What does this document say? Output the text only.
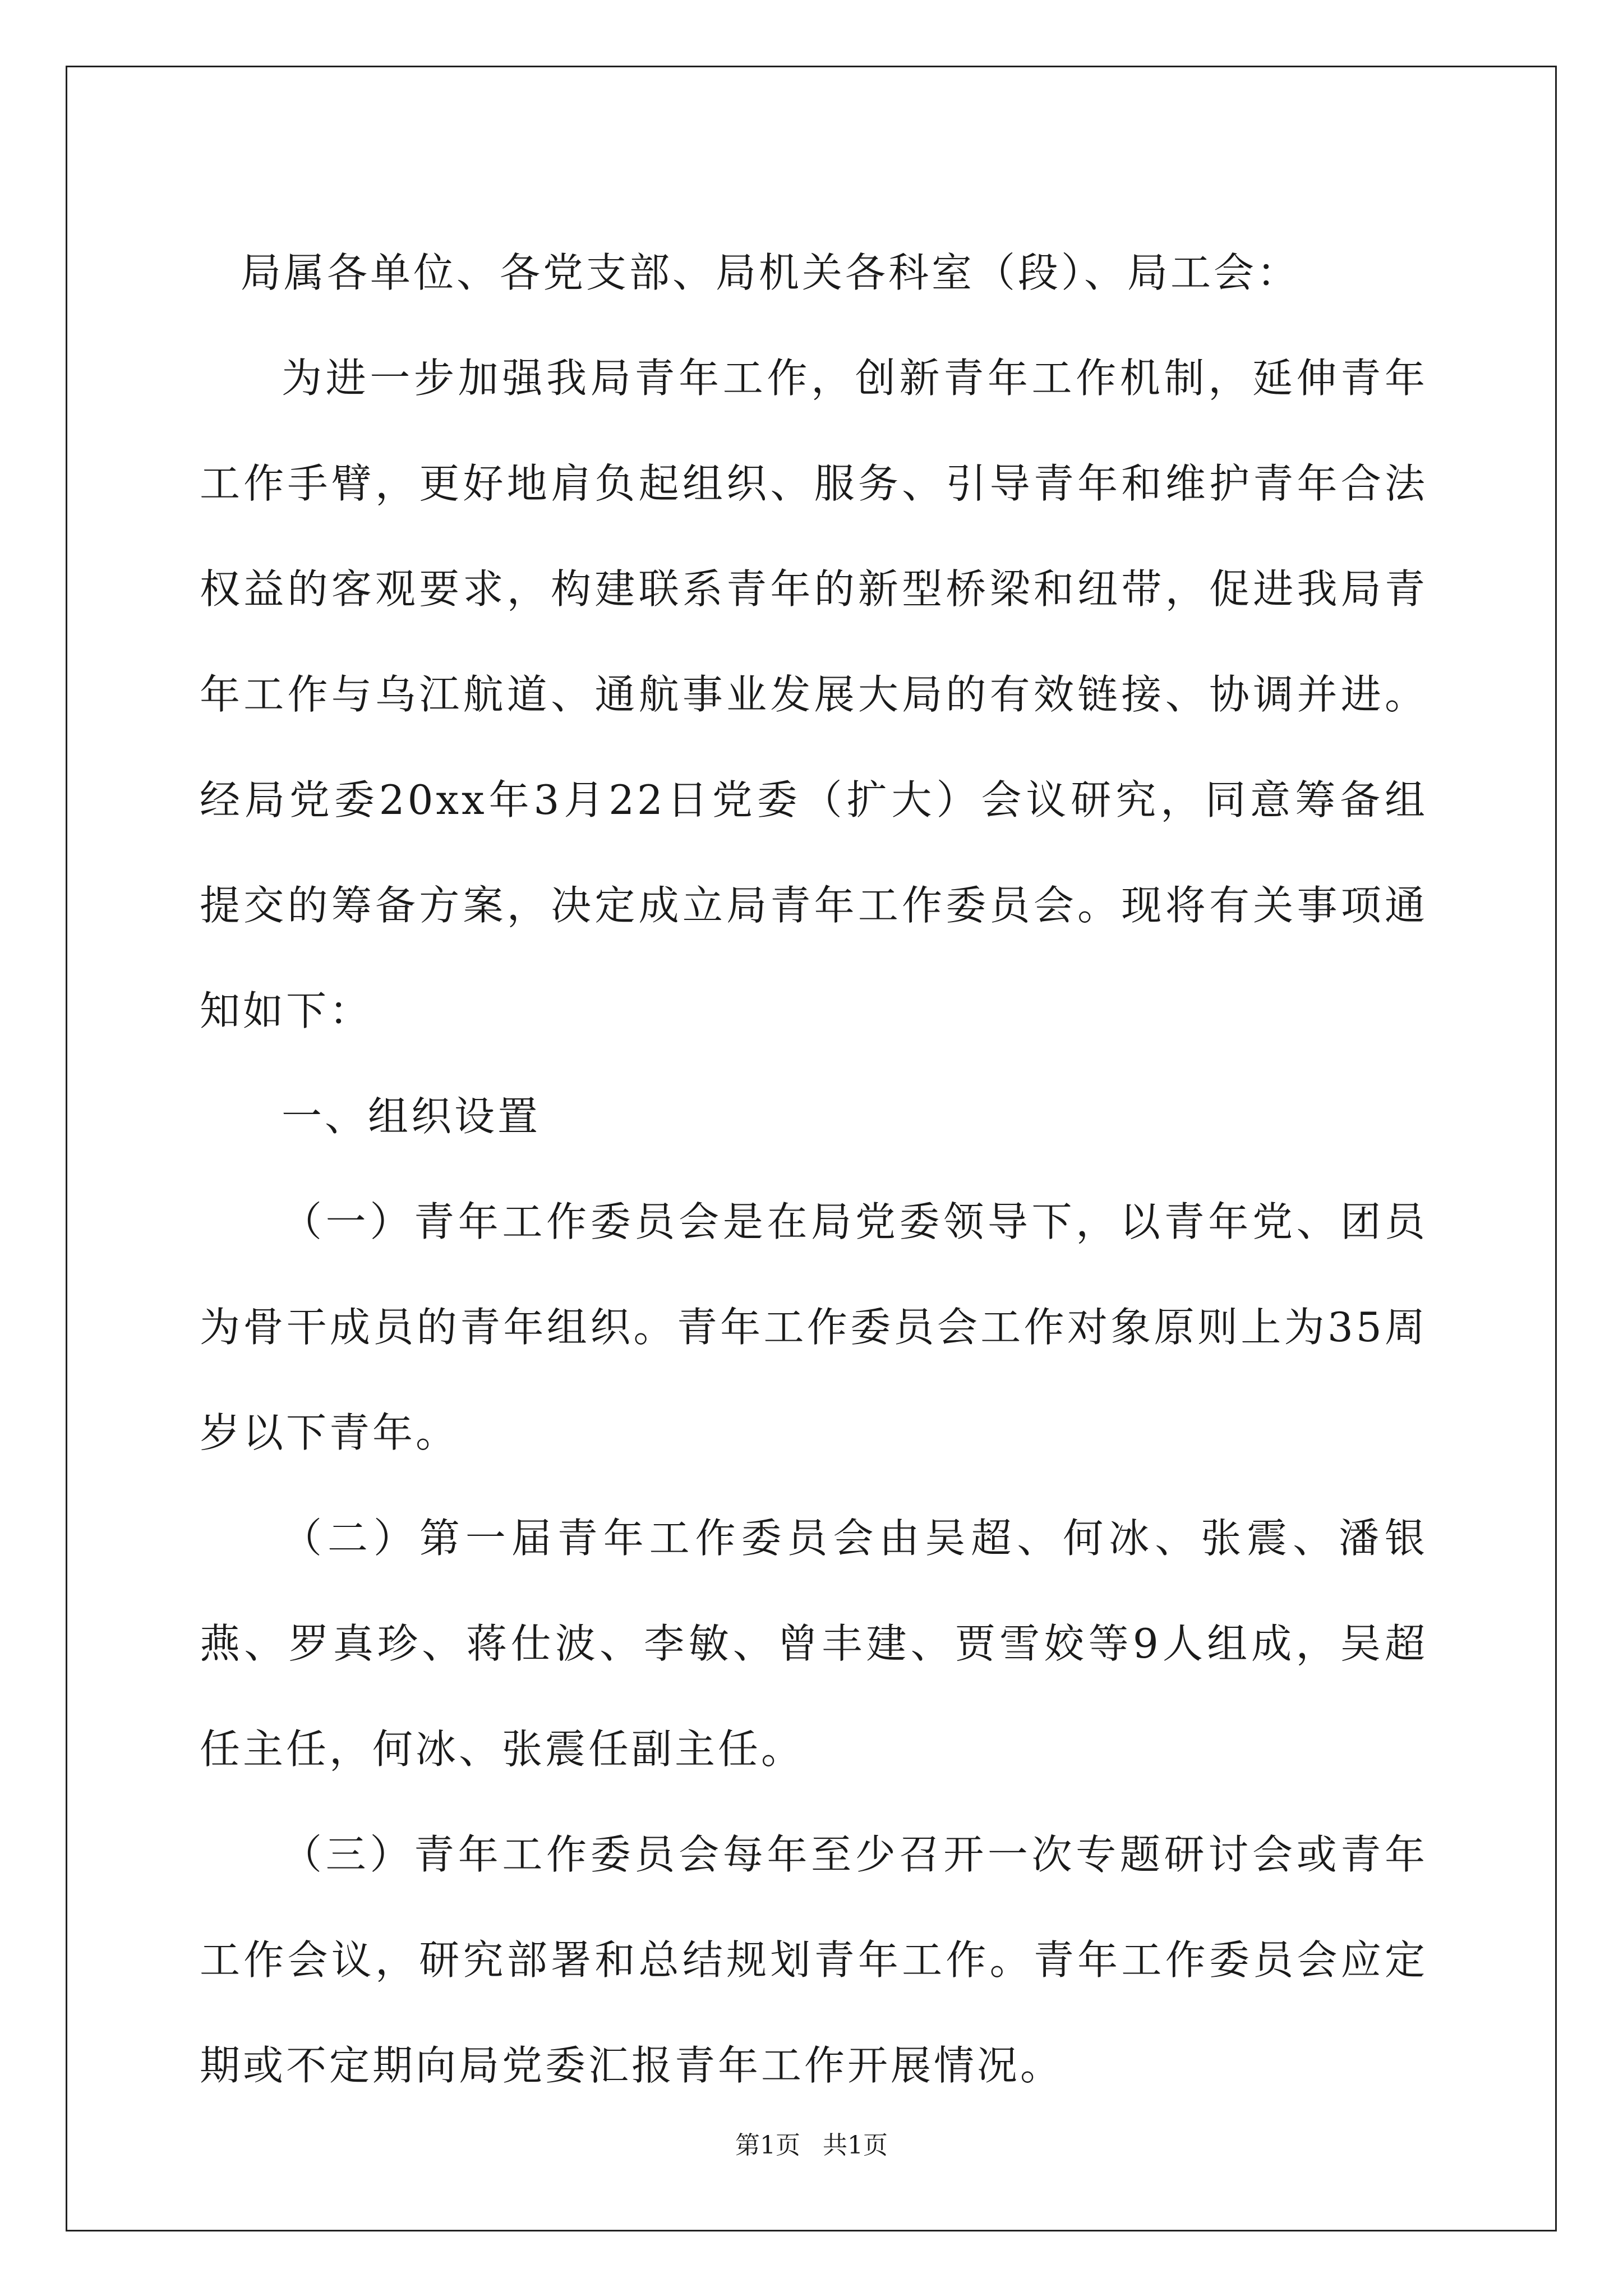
局属各单位、各党支部、局机关各科室（段）、局工会：

为进一步加强我局青年工作，创新青年工作机制，延伸青年工作手臂，更好地肩负起组织、服务、引导青年和维护青年合法权益的客观要求，构建联系青年的新型桥梁和纽带，促进我局青年工作与乌江航道、通航事业发展大局的有效链接、协调并进。经局党委20xx年3月22日党委（扩大）会议研究，同意筹备组提交的筹备方案，决定成立局青年工作委员会。现将有关事项通知如下：

一、组织设置

（一）青年工作委员会是在局党委领导下，以青年党、团员为骨干成员的青年组织。青年工作委员会工作对象原则上为35周岁以下青年。

（二）第一届青年工作委员会由吴超、何冰、张震、潘银燕、罗真珍、蒋仕波、李敏、曾丰建、贾雪姣等9人组成，吴超任主任，何冰、张震任副主任。

（三）青年工作委员会每年至少召开一次专题研讨会或青年工作会议，研究部署和总结规划青年工作。青年工作委员会应定期或不定期向局党委汇报青年工作开展情况。

第1页 共1页
